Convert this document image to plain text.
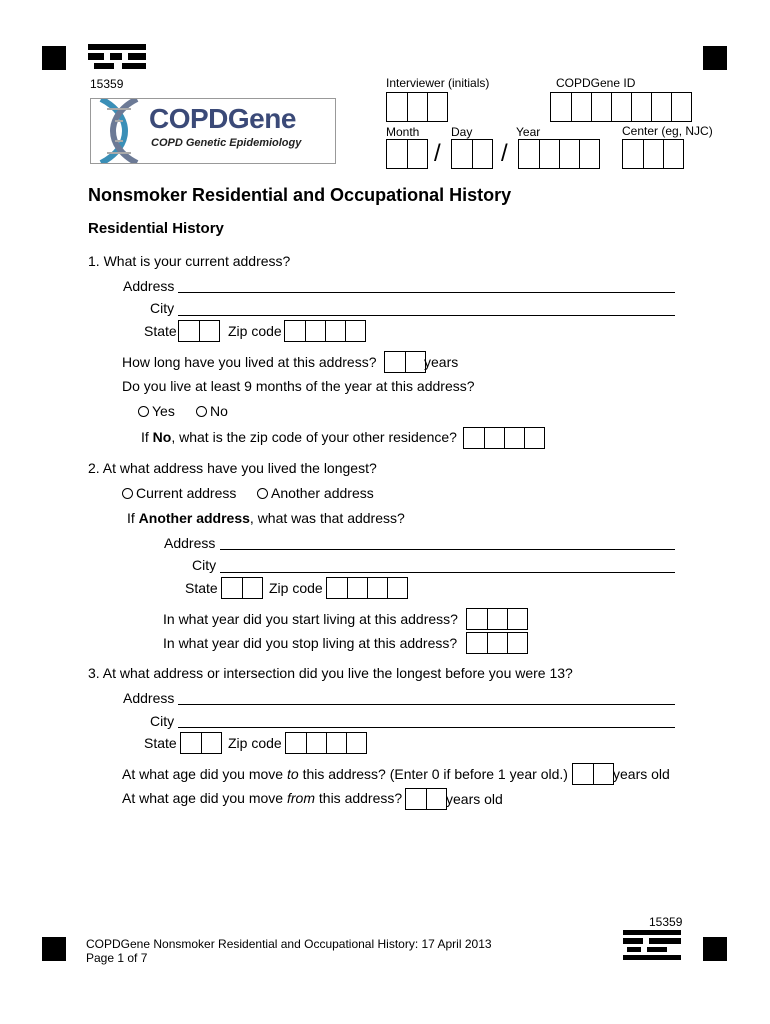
15359
COPDGene
COPD Genetic Epidemiology
Interviewer (initials)	COPDGene ID
Month	Day	Year	Center (eg, NJC)
/	/
Nonsmoker Residential and Occupational History
Residential History
1. What is your current address?
Address
City
State	Zip code
How long have you lived at this address?	years
Do you live at least 9 months of the year at this address?
Yes	No
If No, what is the zip code of your other residence?
2. At what address have you lived the longest?
Current address	Another address
If Another address, what was that address?
Address
City
State	Zip code
In what year did you start living at this address?
In what year did you stop living at this address?
3. At what address or intersection did you live the longest before you were 13?
Address
City
State	Zip code
At what age did you move to this address? (Enter 0 if before 1 year old.)	years old
At what age did you move from this address?	years old
15359
COPDGene Nonsmoker Residential and Occupational History: 17 April 2013
Page 1 of 7
